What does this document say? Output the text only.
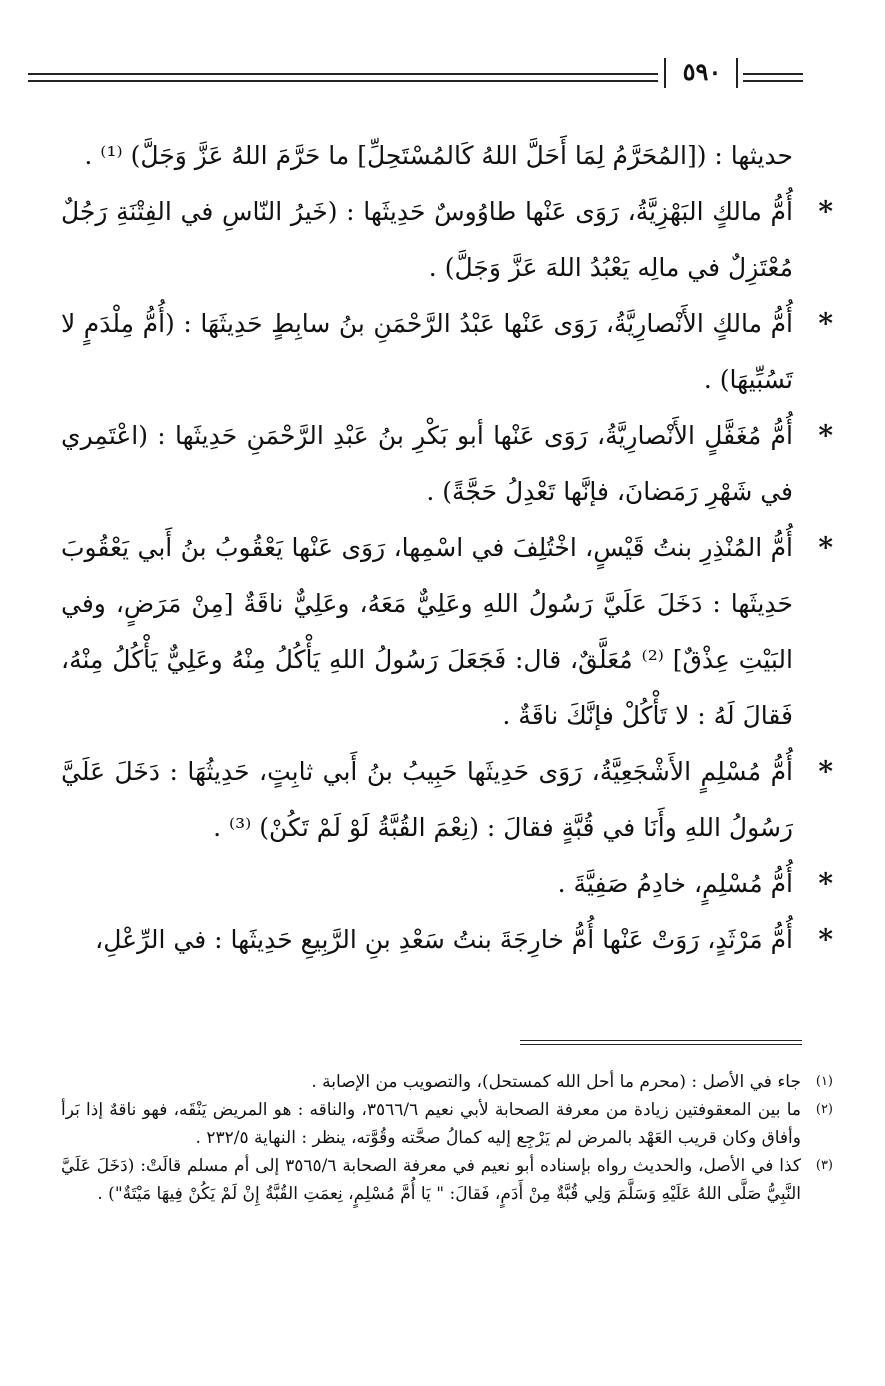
٥٩٠

حديثها : ([المُحَرَّمُ لِمَا أَحَلَّ اللهُ كَالمُسْتَحِلِّ] ما حَرَّمَ اللهُ عَزَّ وَجَلَّ) ⁽¹⁾ .

*
أُمُّ مالكٍ البَهْزِيَّةُ، رَوَى عَنْها طاوُوسٌ حَدِيثَها : (خَيرُ النّاسِ في الفِتْنَةِ رَجُلٌ مُعْتَزِلٌ في مالِه يَعْبُدُ اللهَ عَزَّ وَجَلَّ) .
*
أُمُّ مالكٍ الأَنْصارِيَّةُ، رَوَى عَنْها عَبْدُ الرَّحْمَنِ بنُ سابِطٍ حَدِيثَهَا : (أُمُّ مِلْدَمٍ لا تَسُبِّيهَا) .
*
أُمُّ مُغَفَّلٍ الأَنْصارِيَّةُ، رَوَى عَنْها أبو بَكْرِ بنُ عَبْدِ الرَّحْمَنِ حَدِيثَها : (اعْتَمِري في شَهْرِ رَمَضانَ، فإنَّها تَعْدِلُ حَجَّةً) .
*
أُمُّ المُنْذِرِ بنتُ قَيْسٍ، اخْتُلِفَ في اسْمِها، رَوَى عَنْها يَعْقُوبُ بنُ أَبي يَعْقُوبَ حَدِيثَها : دَخَلَ عَلَيَّ رَسُولُ اللهِ وعَلِيٌّ مَعَهُ، وعَلِيٌّ ناقَةٌ [مِنْ مَرَضٍ، وفي البَيْتِ عِذْقٌ] ⁽²⁾ مُعَلَّقٌ، قال: فَجَعَلَ رَسُولُ اللهِ يَأْكُلُ مِنْهُ وعَلِيٌّ يَأْكُلُ مِنْهُ، فَقالَ لَهُ : لا تَأْكُلْ فإنَّكَ ناقَةٌ .
*
أُمُّ مُسْلِمٍ الأَشْجَعِيَّةُ، رَوَى حَدِيثَها حَبِيبُ بنُ أَبي ثابِتٍ، حَدِيثُهَا : دَخَلَ عَلَيَّ رَسُولُ اللهِ وأَنَا في قُبَّةٍ فقالَ : (نِعْمَ القُبَّةُ لَوْ لَمْ تَكُنْ) ⁽³⁾ .
*
أُمُّ مُسْلِمٍ، خادِمُ صَفِيَّةَ .
*
أُمُّ مَرْثَدٍ، رَوَتْ عَنْها أُمُّ خارِجَةَ بنتُ سَعْدِ بنِ الرَّبِيعِ حَدِيثَها : في الرِّعْلِ،
(١)
جاء في الأصل : (محرم ما أحل الله كمستحل)، والتصويب من الإصابة .
(٢)
ما بين المعقوفتين زيادة من معرفة الصحابة لأبي نعيم ٣٥٦٦/٦، والناقه : هو المريض يَنْقَه، فهو ناقهٌ إذا بَرأ وأفاق وكان قريب العَهْد بالمرض لم يَرْجِع إليه كمالُ صحَّته وقُوَّته، ينظر : النهاية ٢٣٢/٥ .
(٣)
كذا في الأصل، والحديث رواه بإسناده أبو نعيم في معرفة الصحابة ٣٥٦٥/٦ إلى أم مسلم قالَتْ: (دَخَلَ عَلَيَّ النَّبِيُّ صَلَّى اللهُ عَلَيْهِ وَسَلَّمَ وَلِي قُبَّةٌ مِنْ أَدَمٍ، فَقالَ: " يَا أُمَّ مُسْلِمٍ، نِعمَتِ القُبَّةُ إِنْ لَمْ يَكُنْ فِيهَا مَيْتَةٌ") .
